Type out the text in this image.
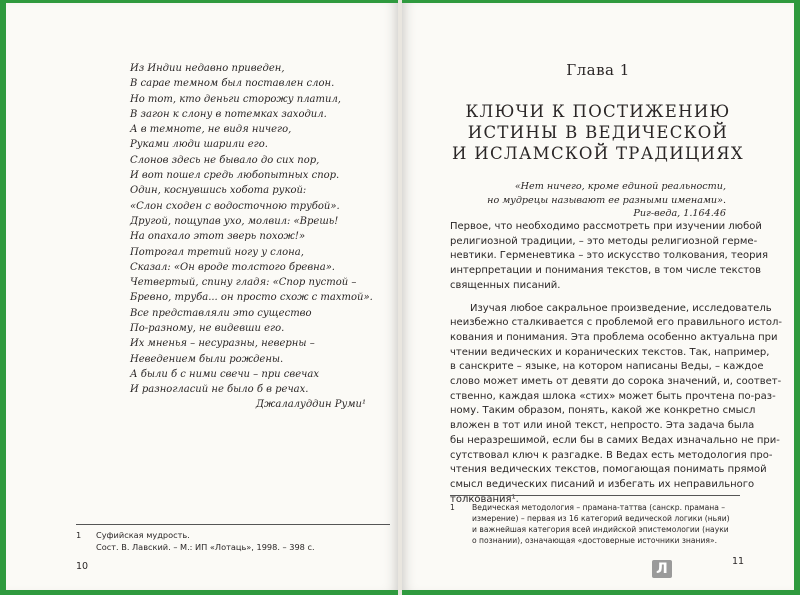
Из Индии недавно приведен,
В сарае темном был поставлен слон.
Но тот, кто деньги сторожу платил,
В загон к слону в потемках заходил.
А в темноте, не видя ничего,
Руками люди шарили его.
Слонов здесь не бывало до сих пор,
И вот пошел средь любопытных спор.
Один, коснувшись хобота рукой:
«Слон сходен с водосточною трубой».
Другой, пощупав ухо, молвил: «Врешь!
На опахало этот зверь похож!»
Потрогал третий ногу у слона,
Сказал: «Он вроде толстого бревна».
Четвертый, спину гладя: «Спор пустой –
Бревно, труба... он просто схож с тахтой».
Все представляли это существо
По-разному, не видевши его.
Их мненья – несуразны, неверны –
Неведением были рождены.
А были б с ними свечи – при свечах
И разногласий не было б в речах.
Джалалуддин Руми¹
1 Суфийская мудрость.
Сост. В. Лавский. – М.: ИП «Лотаць», 1998. – 398 с.
10
Глава 1
КЛЮЧИ К ПОСТИЖЕНИЮ
ИСТИНЫ В ВЕДИЧЕСКОЙ
И ИСЛАМСКОЙ ТРАДИЦИЯХ
«Нет ничего, кроме единой реальности,
но мудрецы называют ее разными именами».
Риг-веда, 1.164.46
Первое, что необходимо рассмотреть при изучении любой
религиозной традиции, – это методы религиозной герме-
невтики. Герменевтика – это искусство толкования, теория
интерпретации и понимания текстов, в том числе текстов
священных писаний.
Изучая любое сакральное произведение, исследователь
неизбежно сталкивается с проблемой его правильного истол-
кования и понимания. Эта проблема особенно актуальна при
чтении ведических и коранических текстов. Так, например,
в санскрите – языке, на котором написаны Веды, – каждое
слово может иметь от девяти до сорока значений, и, соответ-
ственно, каждая шлока «стих» может быть прочтена по-раз-
ному. Таким образом, понять, какой же конкретно смысл
вложен в тот или иной текст, непросто. Эта задача была
бы неразрешимой, если бы в самих Ведах изначально не при-
сутствовал ключ к разгадке. В Ведах есть методология про-
чтения ведических текстов, помогающая понимать прямой
смысл ведических писаний и избегать их неправильного
толкования¹.
1 Ведическая методология – прамана-таттва (санскр. прамана –
измерение) – первая из 16 категорий ведической логики (ньяи)
и важнейшая категория всей индийской эпистемологии (науки
о познании), означающая «достоверные источники знания».
Л	11
